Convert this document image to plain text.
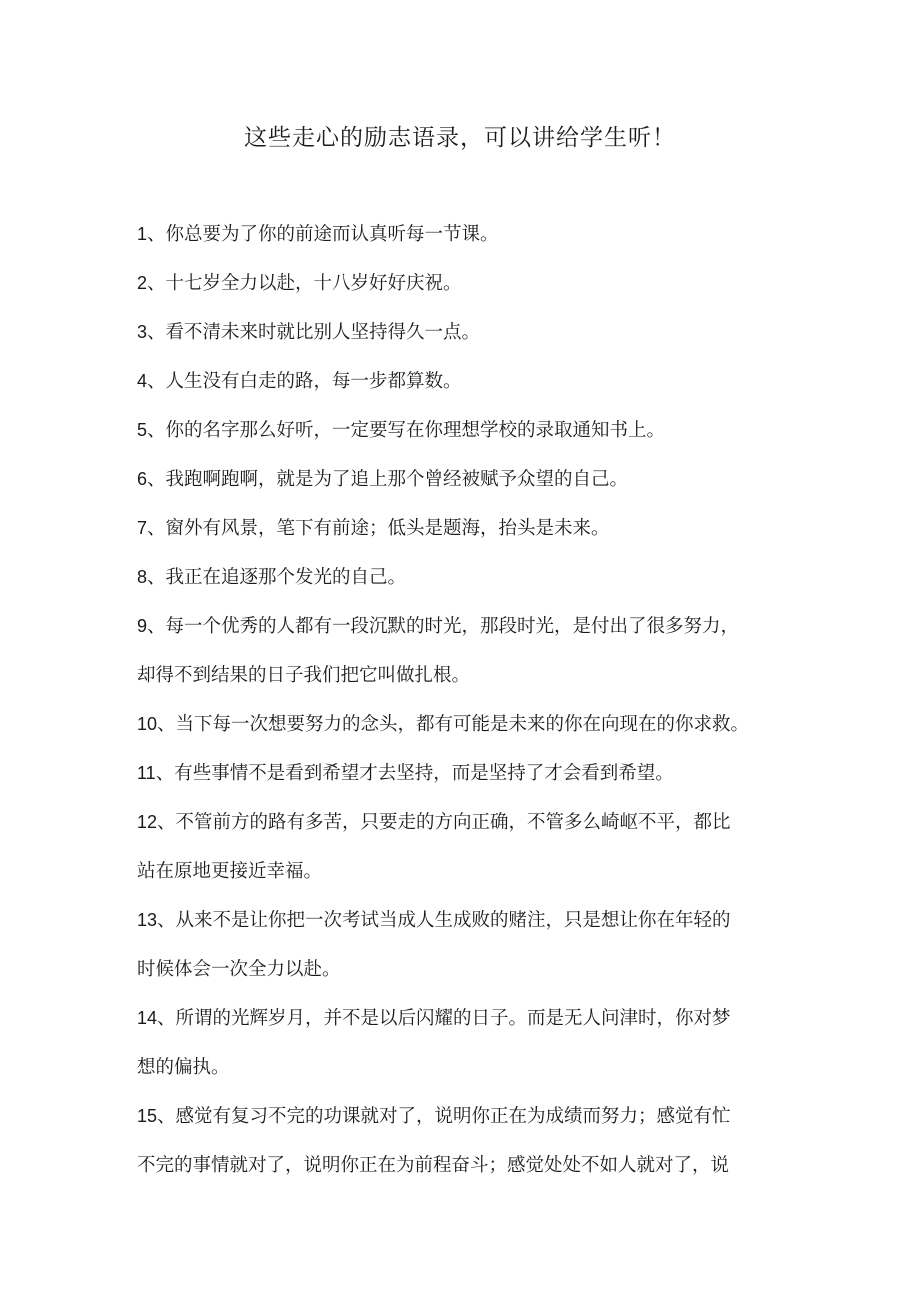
这些走心的励志语录，可以讲给学生听！
1、你总要为了你的前途而认真听每一节课。
2、十七岁全力以赴，十八岁好好庆祝。
3、看不清未来时就比别人坚持得久一点。
4、人生没有白走的路，每一步都算数。
5、你的名字那么好听，一定要写在你理想学校的录取通知书上。
6、我跑啊跑啊，就是为了追上那个曾经被赋予众望的自己。
7、窗外有风景，笔下有前途；低头是题海，抬头是未来。
8、我正在追逐那个发光的自己。
9、每一个优秀的人都有一段沉默的时光，那段时光，是付出了很多努力，
却得不到结果的日子我们把它叫做扎根。
10、当下每一次想要努力的念头，都有可能是未来的你在向现在的你求救。
11、有些事情不是看到希望才去坚持，而是坚持了才会看到希望。
12、不管前方的路有多苦，只要走的方向正确，不管多么崎岖不平，都比
站在原地更接近幸福。
13、从来不是让你把一次考试当成人生成败的赌注，只是想让你在年轻的
时候体会一次全力以赴。
14、所谓的光辉岁月，并不是以后闪耀的日子。而是无人问津时，你对梦
想的偏执。
15、感觉有复习不完的功课就对了，说明你正在为成绩而努力；感觉有忙
不完的事情就对了，说明你正在为前程奋斗；感觉处处不如人就对了，说
